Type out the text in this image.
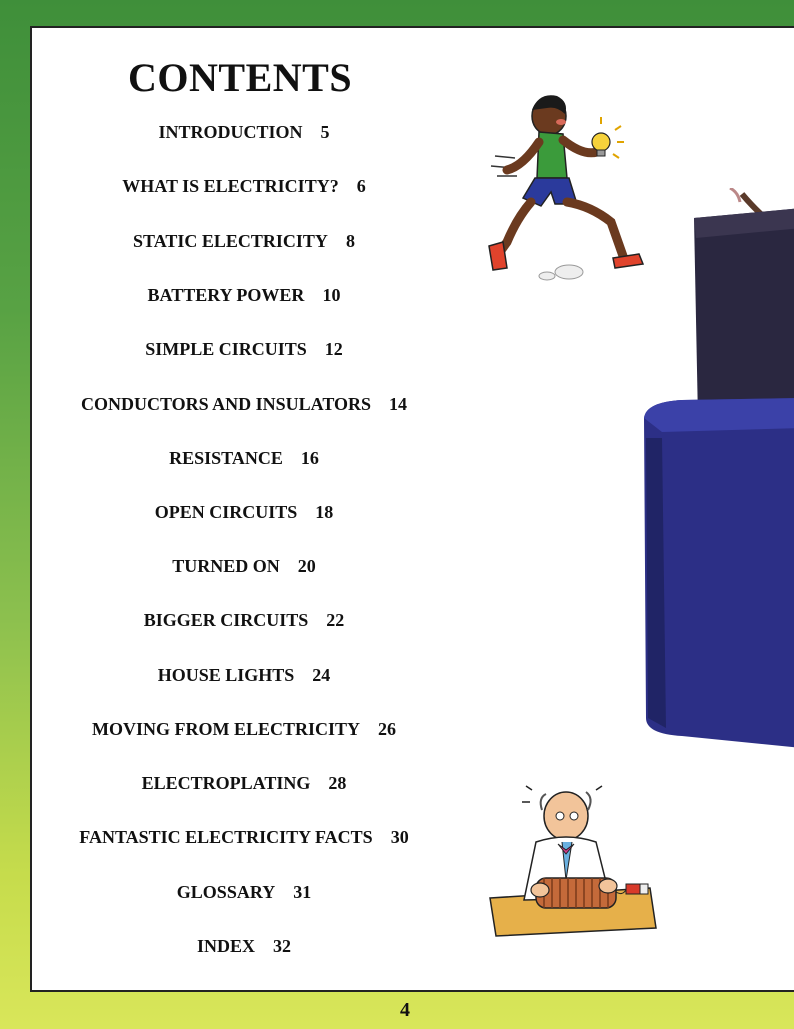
CONTENTS
INTRODUCTION 5
WHAT IS ELECTRICITY? 6
STATIC ELECTRICITY 8
BATTERY POWER 10
SIMPLE CIRCUITS 12
CONDUCTORS AND INSULATORS 14
RESISTANCE 16
OPEN CIRCUITS 18
TURNED ON 20
BIGGER CIRCUITS 22
HOUSE LIGHTS 24
MOVING FROM ELECTRICITY 26
ELECTROPLATING 28
FANTASTIC ELECTRICITY FACTS 30
GLOSSARY 31
INDEX 32
4
